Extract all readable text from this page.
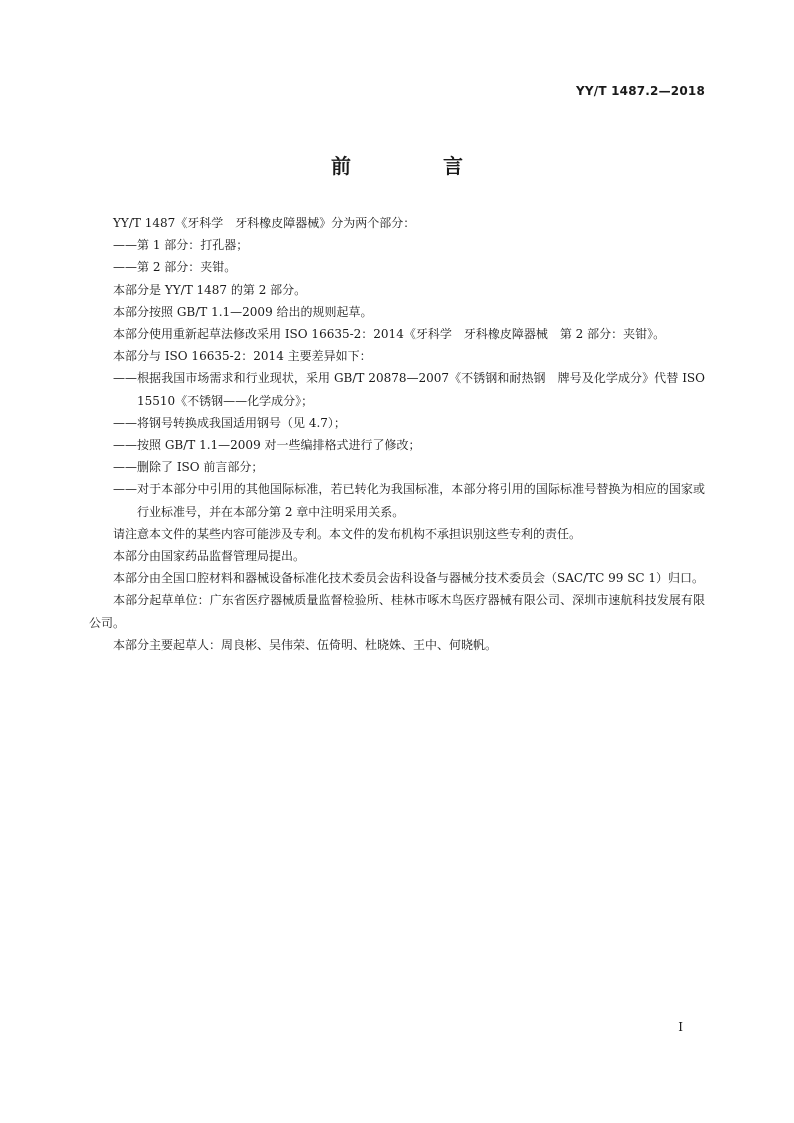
YY/T 1487.2—2018
前　言
YY/T 1487《牙科学　牙科橡皮障器械》分为两个部分：
——第 1 部分：打孔器；
——第 2 部分：夹钳。
本部分是 YY/T 1487 的第 2 部分。
本部分按照 GB/T 1.1—2009 给出的规则起草。
本部分使用重新起草法修改采用 ISO 16635-2：2014《牙科学　牙科橡皮障器械　第 2 部分：夹钳》。
本部分与 ISO 16635-2：2014 主要差异如下：
——根据我国市场需求和行业现状，采用 GB/T 20878—2007《不锈钢和耐热钢　牌号及化学成分》代替 ISO 15510《不锈钢——化学成分》；
——将钢号转换成我国适用钢号（见 4.7）；
——按照 GB/T 1.1—2009 对一些编排格式进行了修改；
——删除了 ISO 前言部分；
——对于本部分中引用的其他国际标准，若已转化为我国标准，本部分将引用的国际标准号替换为相应的国家或行业标准号，并在本部分第 2 章中注明采用关系。
请注意本文件的某些内容可能涉及专利。本文件的发布机构不承担识别这些专利的责任。
本部分由国家药品监督管理局提出。
本部分由全国口腔材料和器械设备标准化技术委员会齿科设备与器械分技术委员会（SAC/TC 99 SC 1）归口。
本部分起草单位：广东省医疗器械质量监督检验所、桂林市啄木鸟医疗器械有限公司、深圳市速航科技发展有限公司。
本部分主要起草人：周良彬、吴伟荣、伍倚明、杜晓姝、王中、何晓帆。
I
